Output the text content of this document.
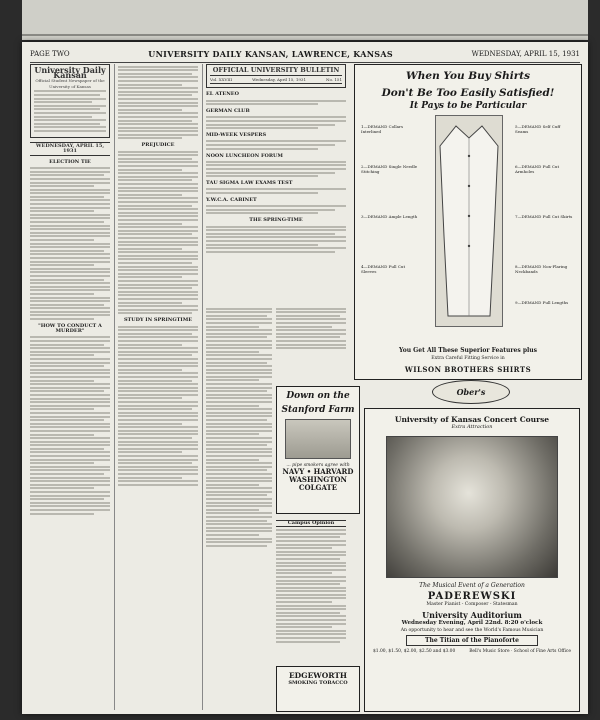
PAGE TWO	UNIVERSITY DAILY KANSAN, LAWRENCE, KANSAS	WEDNESDAY, APRIL 15, 1931
University Daily Kansan
Official Student Newspaper of the University of Kansas
WEDNESDAY, APRIL 15, 1931
ELECTION TIE
"HOW TO CONDUCT A MURDER"
PREJUDICE
STUDY IN SPRINGTIME
OFFICIAL UNIVERSITY BULLETIN
Vol. XXVIII	Wednesday, April 15, 1931	No. 151
EL ATENEO
GERMAN CLUB
MID-WEEK VESPERS
NOON LUNCHEON FORUM
TAU SIGMA LAW EXAMS TEST
Y.W.C.A. CABINET
THE SPRING-TIME
Down on the
Stanford Farm
... pipe smokers agree with
NAVY • HARVARD
WASHINGTON
COLGATE
Campus Opinion
EDGEWORTH
SMOKING TOBACCO
When You Buy Shirts
Don't Be Too Easily Satisfied!
It Pays to be Particular
1—DEMAND Collars Interlined
2—DEMAND Single Needle Stitching
3—DEMAND Ample Length
4—DEMAND Full Cut Sleeves
5—DEMAND Self Cuff Seams
6—DEMAND Full Cut Armholes
7—DEMAND Full Cut Skirts
8—DEMAND Non-Flaring Neckbands
9—DEMAND Full Lengths
You Get All These Superior Features plus
Extra Careful Fitting Service in
WILSON BROTHERS SHIRTS
Ober's
University of Kansas Concert Course
Extra Attraction
The Musical Event of a Generation
PADEREWSKI
Master Pianist - Composer - Statesman
University Auditorium
Wednesday Evening, April 22nd. 8:20 o'clock
An opportunity to hear and see the World's Famous Musician
The Titian of the Pianoforte
$1.00, $1.50, $2.00, $2.50 and $3.00	Bell's Music Store · School of Fine Arts Office
